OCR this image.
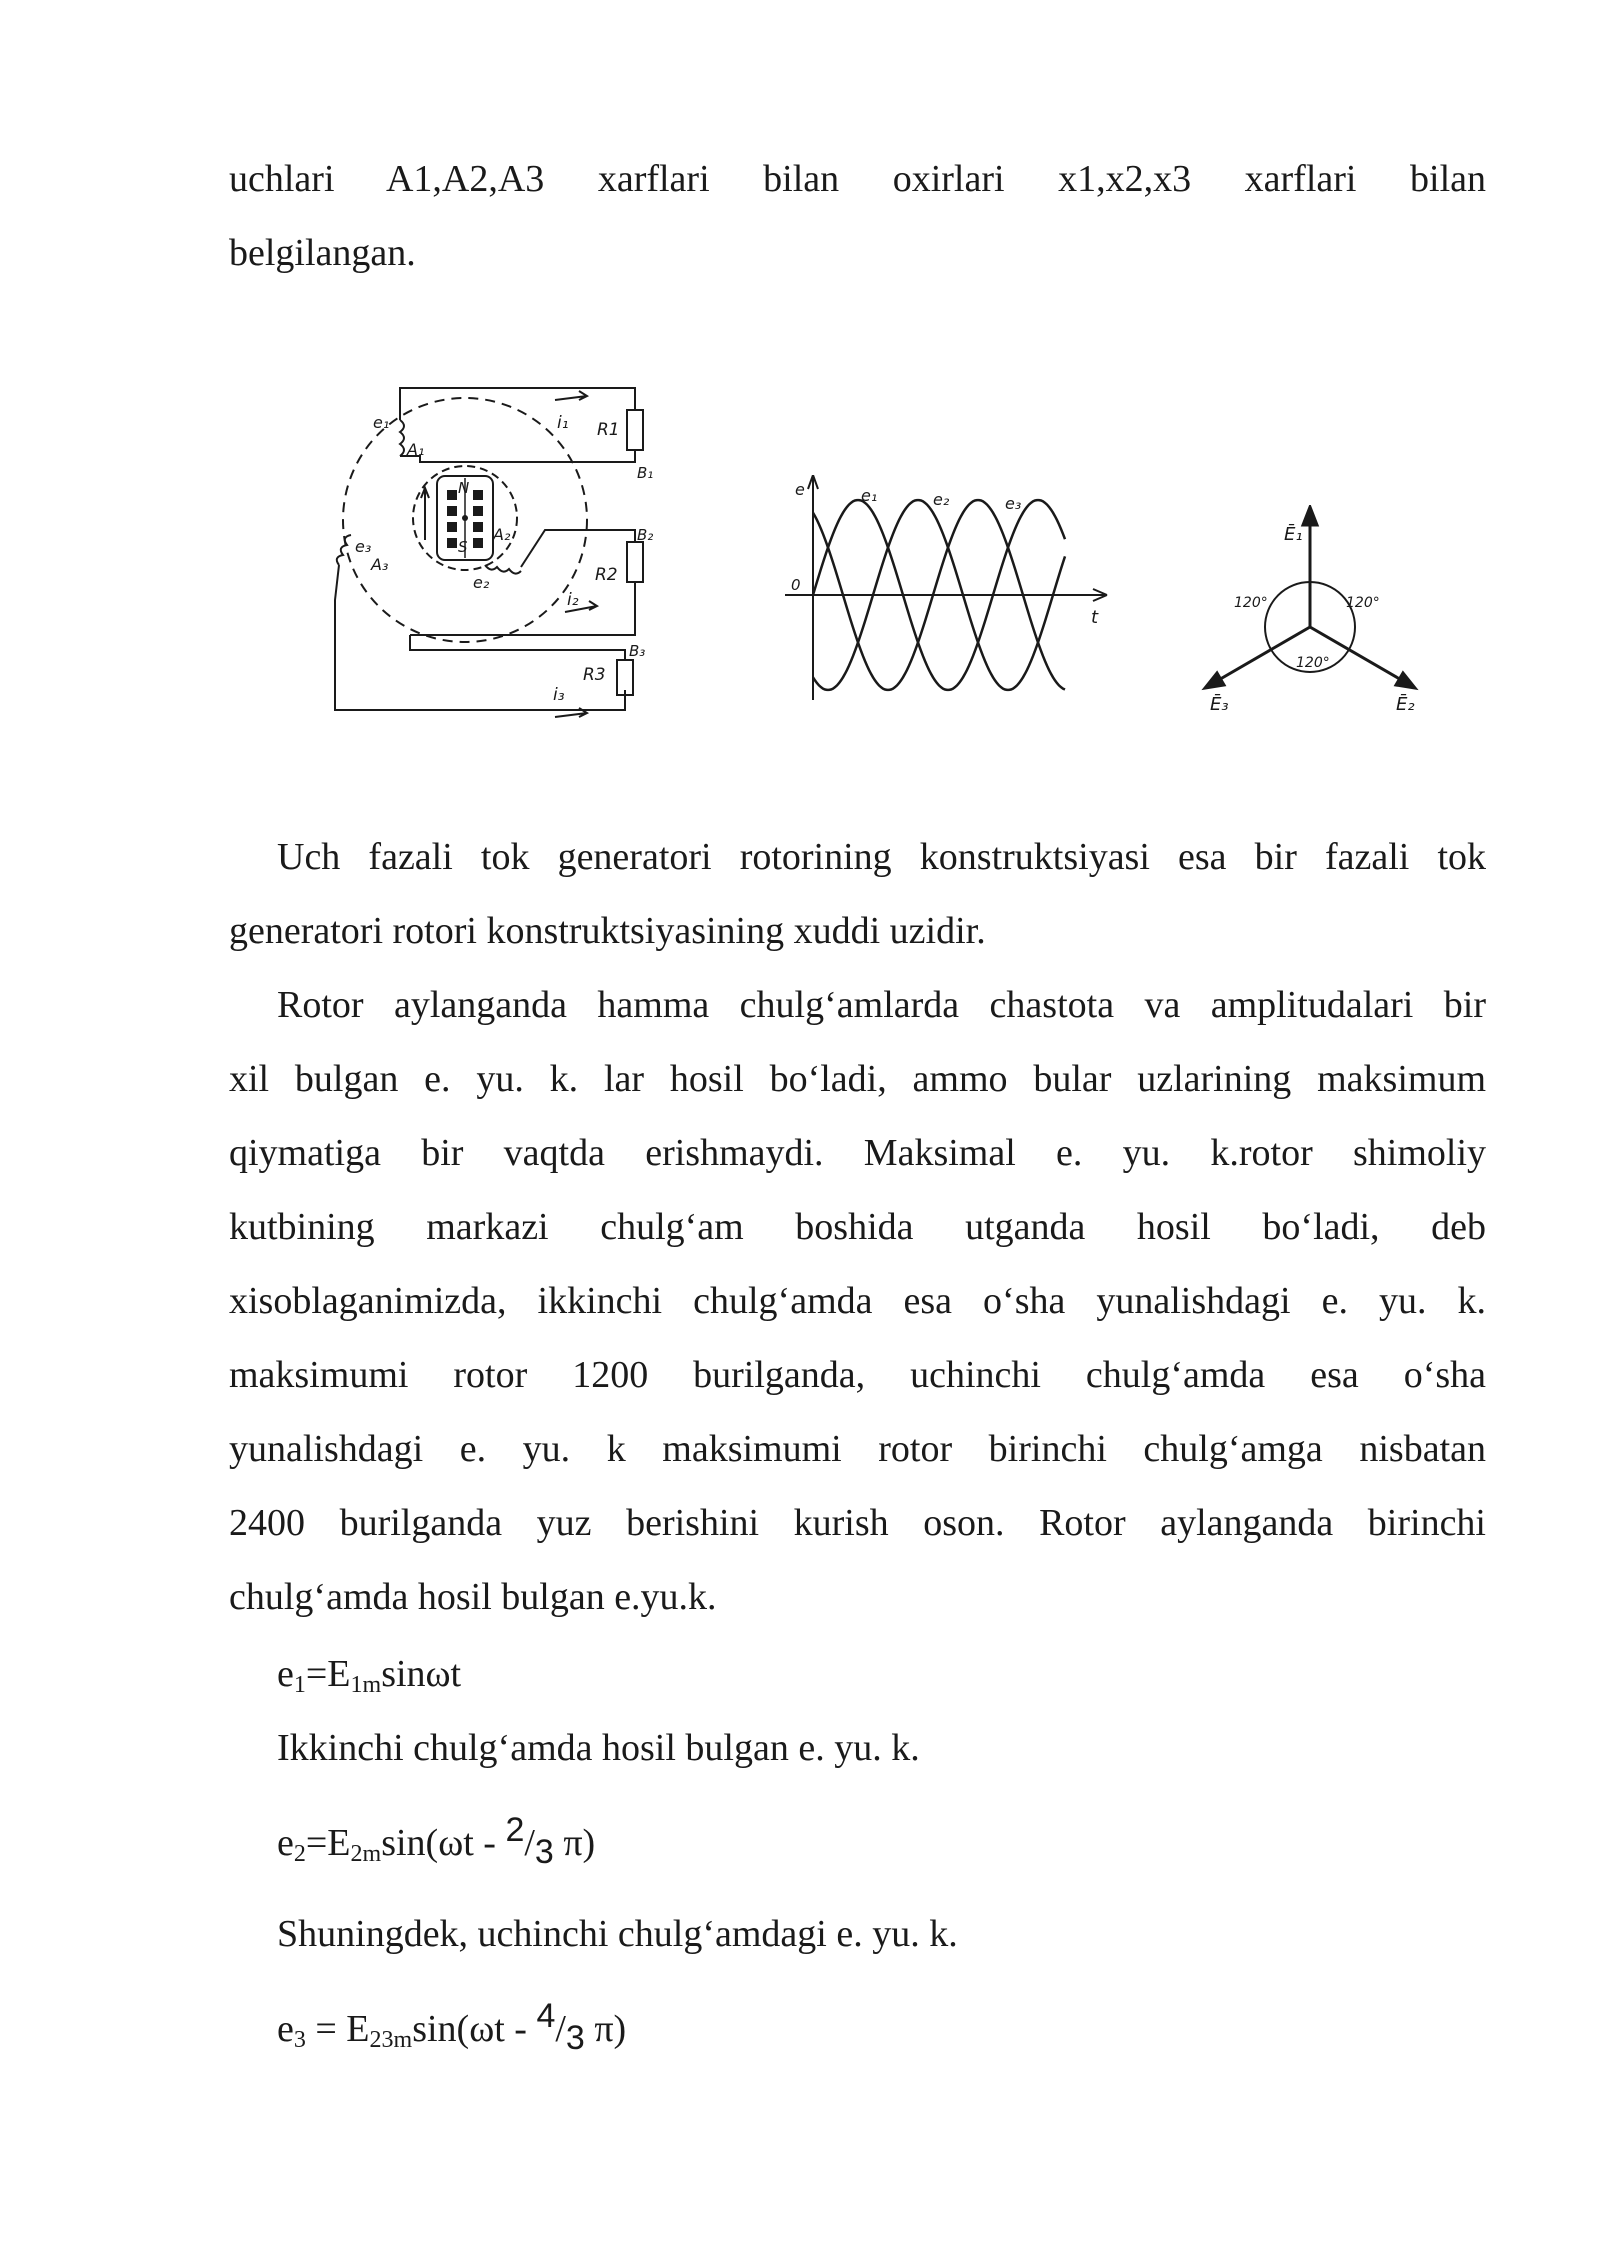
uchlari A1,A2,A3 xarflari bilan oxirlari x1,x2,x3 xarflari bilan

belgilangan.

e₁
A₁
N
S
A₂
e₂
e₃
A₃
i₁ R1
B₁
B₂
R2
i₂
B₃
R3
i₃
e
0
t
e₁	e₂	e₃
Ē₁
Ē₂
Ē₃
120°	120°
120°

Uch fazali tok generatori rotorining konstruktsiyasi esa bir fazali tok

generatori rotori konstruktsiyasining xuddi uzidir.

Rotor aylanganda hamma chulg‘amlarda chastota va amplitudalari bir

xil bulgan e. yu. k. lar hosil bo‘ladi, ammo bular uzlarining maksimum

qiymatiga bir vaqtda erishmaydi. Maksimal e. yu. k.rotor shimoliy

kutbining markazi chulg‘am boshida utganda hosil bo‘ladi, deb

xisoblaganimizda, ikkinchi chulg‘amda esa o‘sha yunalishdagi e. yu. k.

maksimumi rotor 1200 burilganda, uchinchi chulg‘amda esa o‘sha

yunalishdagi e. yu. k maksimumi rotor birinchi chulg‘amga nisbatan

2400 burilganda yuz berishini kurish oson. Rotor aylanganda birinchi

chulg‘amda hosil bulgan e.yu.k.

$e_1=E_{1m}\sin\omega t$

Ikkinchi chulg‘amda hosil bulgan e. yu. k.

$e_2=E_{2m}\sin(\omega t - 2/3$ π)

Shuningdek, uchinchi chulg‘amdagi e. yu. k.

$e_3 = E_{23m}\sin(\omega t - 4/3$ π)
